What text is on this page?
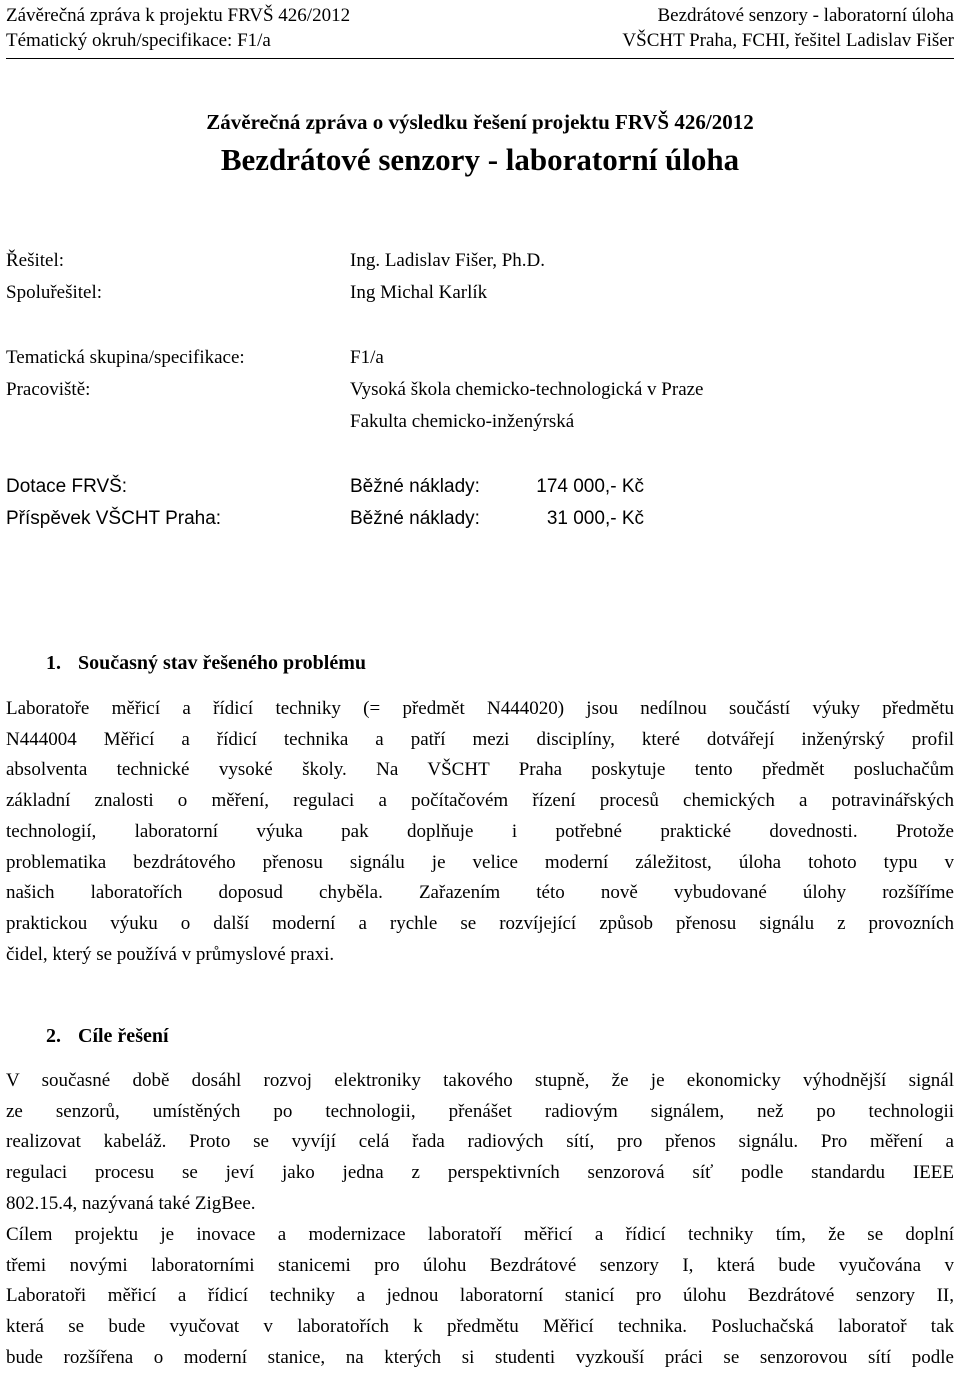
Závěrečná zpráva k projektu FRVŠ 426/2012
Tématický okruh/specifikace: F1/a
Bezdrátové senzory - laboratorní úloha
VŠCHT Praha, FCHI, řešitel Ladislav Fišer
Závěrečná zpráva o výsledku řešení projektu FRVŠ 426/2012
Bezdrátové senzory - laboratorní úloha
Řešitel:	Ing. Ladislav Fišer, Ph.D.
Spoluřešitel:	Ing Michal Karlík
Tematická skupina/specifikace:	F1/a
Pracoviště:	Vysoká škola chemicko-technologická v Praze
Fakulta chemicko-inženýrská
Dotace FRVŠ:	Běžné náklady:	174 000,- Kč
Příspěvek VŠCHT Praha:	Běžné náklady:	31 000,- Kč
1. Současný stav řešeného problému
Laboratoře měřicí a řídicí techniky (= předmět N444020) jsou nedílnou součástí výuky předmětu
N444004 Měřicí a řídicí technika a patří mezi disciplíny, které dotvářejí inženýrský profil
absolventa technické vysoké školy. Na VŠCHT Praha poskytuje tento předmět posluchačům
základní znalosti o měření, regulaci a počítačovém řízení procesů chemických a potravinářských
technologií, laboratorní výuka pak doplňuje i potřebné praktické dovednosti. Protože
problematika bezdrátového přenosu signálu je velice moderní záležitost, úloha tohoto typu v
našich laboratořích doposud chyběla. Zařazením této nově vybudované úlohy rozšíříme
praktickou výuku o další moderní a rychle se rozvíjející způsob přenosu signálu z provozních
čidel, který se používá v průmyslové praxi.
2. Cíle řešení
V současné době dosáhl rozvoj elektroniky takového stupně, že je ekonomicky výhodnější signál
ze senzorů, umístěných po technologii, přenášet radiovým signálem, než po technologii
realizovat kabeláž. Proto se vyvíjí celá řada radiových sítí, pro přenos signálu. Pro měření a
regulaci procesu se jeví jako jedna z perspektivních senzorová síť podle standardu IEEE
802.15.4, nazývaná také ZigBee.
Cílem projektu je inovace a modernizace laboratoří měřicí a řídicí techniky tím, že se doplní
třemi novými laboratorními stanicemi pro úlohu Bezdrátové senzory I, která bude vyučována v
Laboratoři měřicí a řídicí techniky a jednou laboratorní stanicí pro úlohu Bezdrátové senzory II,
která se bude vyučovat v laboratořích k předmětu Měřicí technika. Posluchačská laboratoř tak
bude rozšířena o moderní stanice, na kterých si studenti vyzkouší práci se senzorovou sítí podle
